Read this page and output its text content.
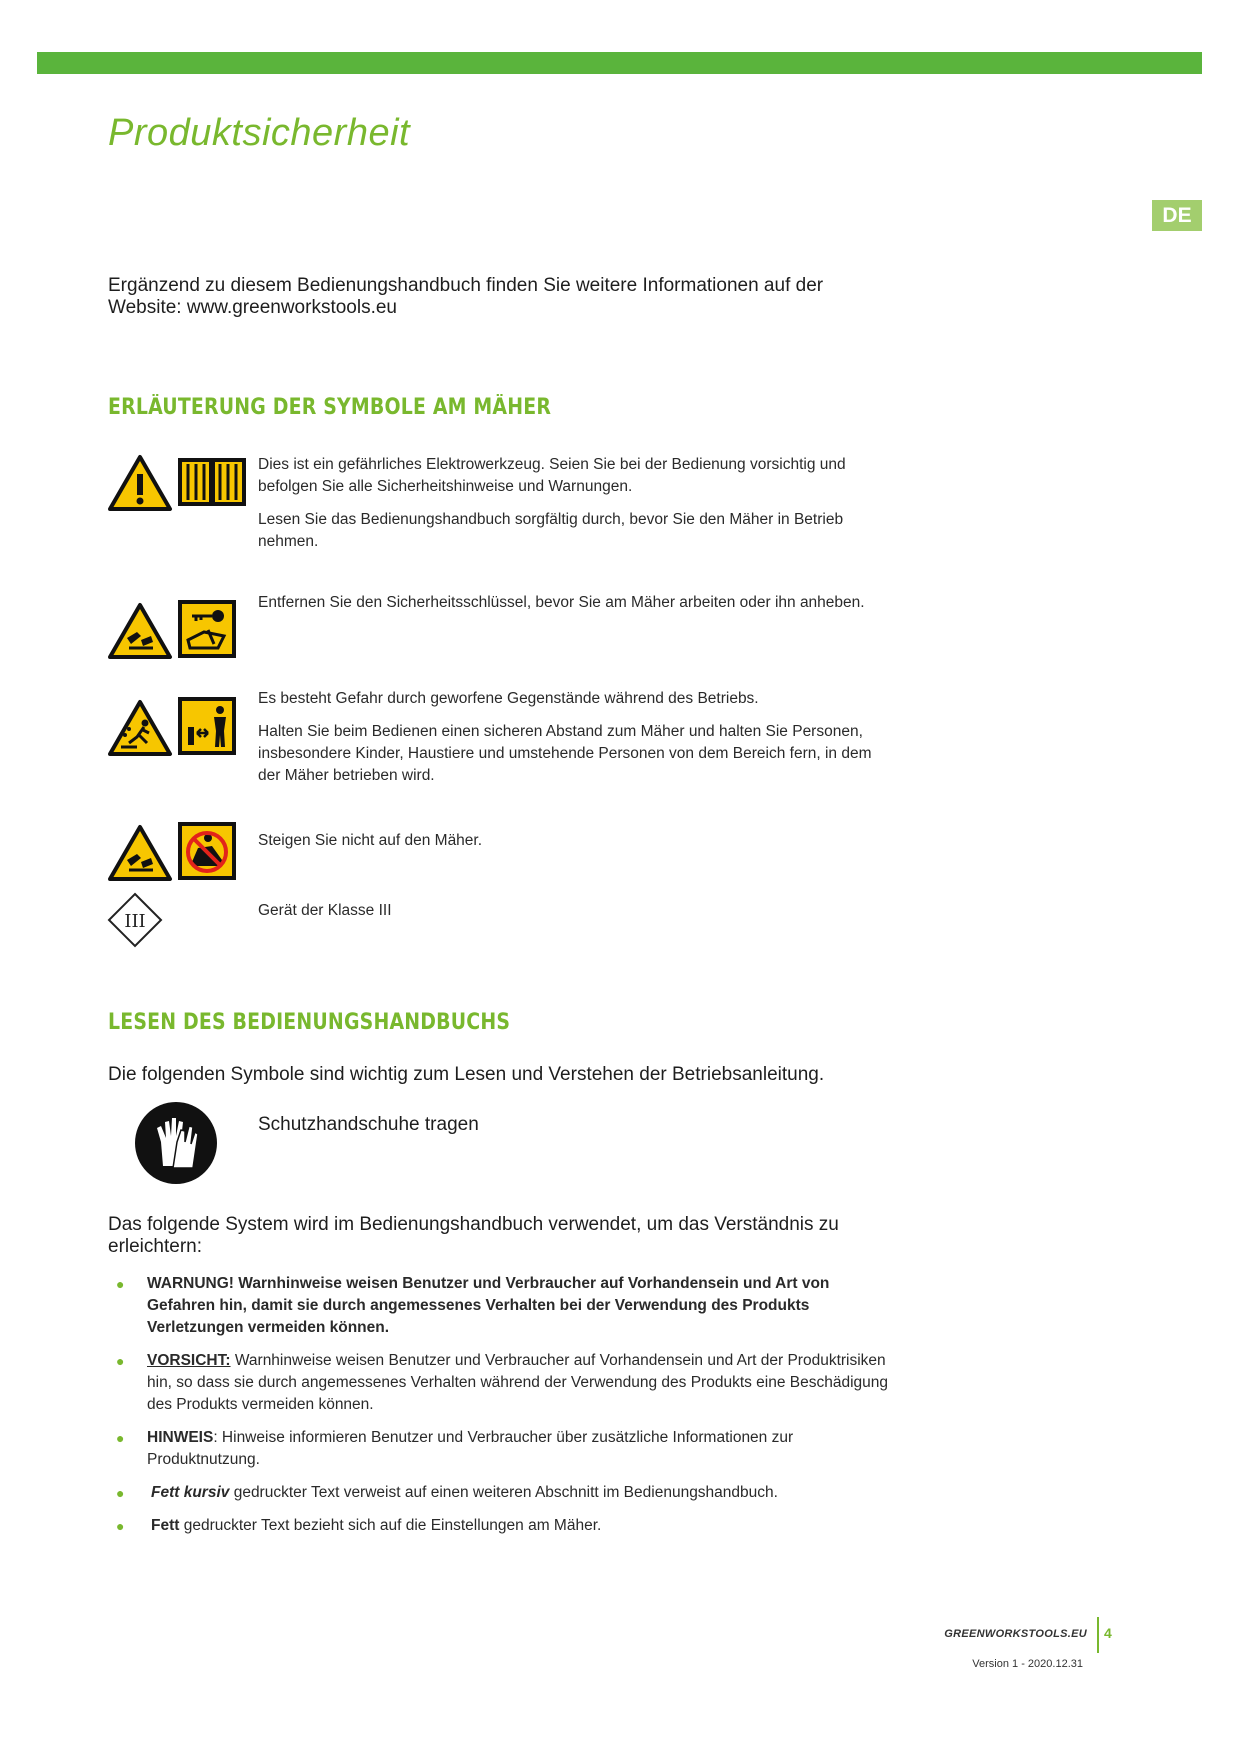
Produktsicherheit
DE
Ergänzend zu diesem Bedienungshandbuch finden Sie weitere Informationen auf der Website: www.greenworkstools.eu
ERLÄUTERUNG DER SYMBOLE AM MÄHER

Dies ist ein gefährliches Elektrowerkzeug. Seien Sie bei der Bedienung vorsichtig und befolgen Sie alle Sicherheitshinweise und Warnungen.

Lesen Sie das Bedienungshandbuch sorgfältig durch, bevor Sie den Mäher in Betrieb nehmen.

Entfernen Sie den Sicherheitsschlüssel, bevor Sie am Mäher arbeiten oder ihn anheben.

Es besteht Gefahr durch geworfene Gegenstände während des Betriebs.

Halten Sie beim Bedienen einen sicheren Abstand zum Mäher und halten Sie Personen, insbesondere Kinder, Haustiere und umstehende Personen von dem Bereich fern, in dem der Mäher betrieben wird.

Steigen Sie nicht auf den Mäher.

III

Gerät der Klasse III

LESEN DES BEDIENUNGSHANDBUCHS
Die folgenden Symbole sind wichtig zum Lesen und Verstehen der Betriebsanleitung.
Schutzhandschuhe tragen
Das folgende System wird im Bedienungshandbuch verwendet, um das Verständnis zu erleichtern:
● WARNUNG! Warnhinweise weisen Benutzer und Verbraucher auf Vorhandensein und Art von Gefahren hin, damit sie durch angemessenes Verhalten bei der Verwendung des Produkts Verletzungen vermeiden können.
● VORSICHT: Warnhinweise weisen Benutzer und Verbraucher auf Vorhandensein und Art der Produktrisiken hin, so dass sie durch angemessenes Verhalten während der Verwendung des Produkts eine Beschädigung des Produkts vermeiden können.
● HINWEIS: Hinweise informieren Benutzer und Verbraucher über zusätzliche Informationen zur Produktnutzung.
● Fett kursiv gedruckter Text verweist auf einen weiteren Abschnitt im Bedienungshandbuch.
● Fett gedruckter Text bezieht sich auf die Einstellungen am Mäher.
GREENWORKSTOOLS.EU 4
Version 1 - 2020.12.31
